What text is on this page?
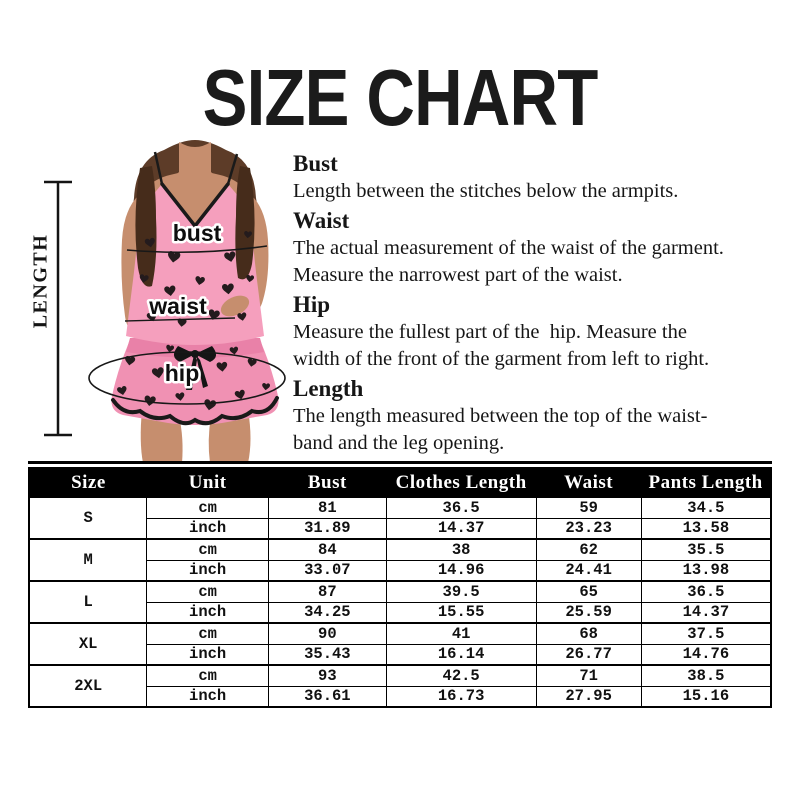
SIZE CHART
LENGTH
bust
waist
hip
Bust
Length between the stitches below the armpits.
Waist
The actual measurement of the waist of the garment.
Measure the narrowest part of the waist.
Hip
Measure the fullest part of the  hip. Measure the
width of the front of the garment from left to right.
Length
The length measured between the top of the waist-
band and the leg opening.
Size	Unit	Bust	Clothes Length	Waist	Pants Length
S	cm	81	36.5	59	34.5
	inch	31.89	14.37	23.23	13.58
M	cm	84	38	62	35.5
	inch	33.07	14.96	24.41	13.98
L	cm	87	39.5	65	36.5
	inch	34.25	15.55	25.59	14.37
XL	cm	90	41	68	37.5
	inch	35.43	16.14	26.77	14.76
2XL	cm	93	42.5	71	38.5
	inch	36.61	16.73	27.95	15.16
